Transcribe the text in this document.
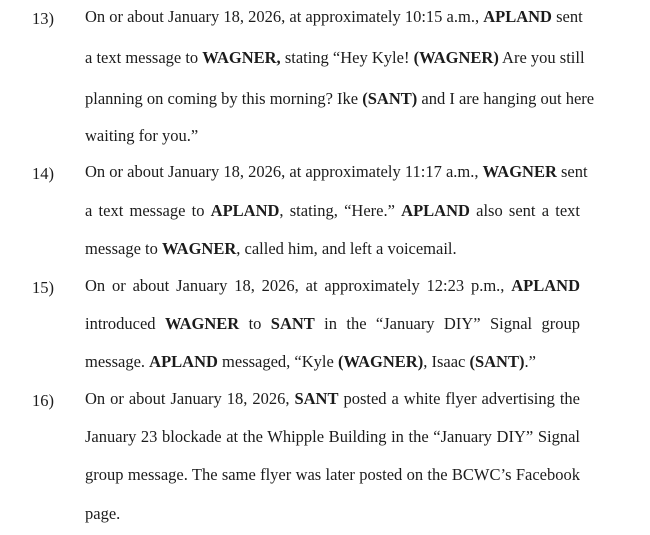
13) On or about January 18, 2026, at approximately 10:15 a.m., APLAND sent
a text message to WAGNER, stating “Hey Kyle! (WAGNER) Are you still
planning on coming by this morning? Ike (SANT) and I are hanging out here
waiting for you.”
14) On or about January 18, 2026, at approximately 11:17 a.m., WAGNER sent
a text message to APLAND, stating, “Here.” APLAND also sent a text
message to WAGNER, called him, and left a voicemail.
15) On or about January 18, 2026, at approximately 12:23 p.m., APLAND
introduced WAGNER to SANT in the “January DIY” Signal group
message. APLAND messaged, “Kyle (WAGNER), Isaac (SANT).”
16) On or about January 18, 2026, SANT posted a white flyer advertising the
January 23 blockade at the Whipple Building in the “January DIY” Signal
group message. The same flyer was later posted on the BCWC’s Facebook
page.
